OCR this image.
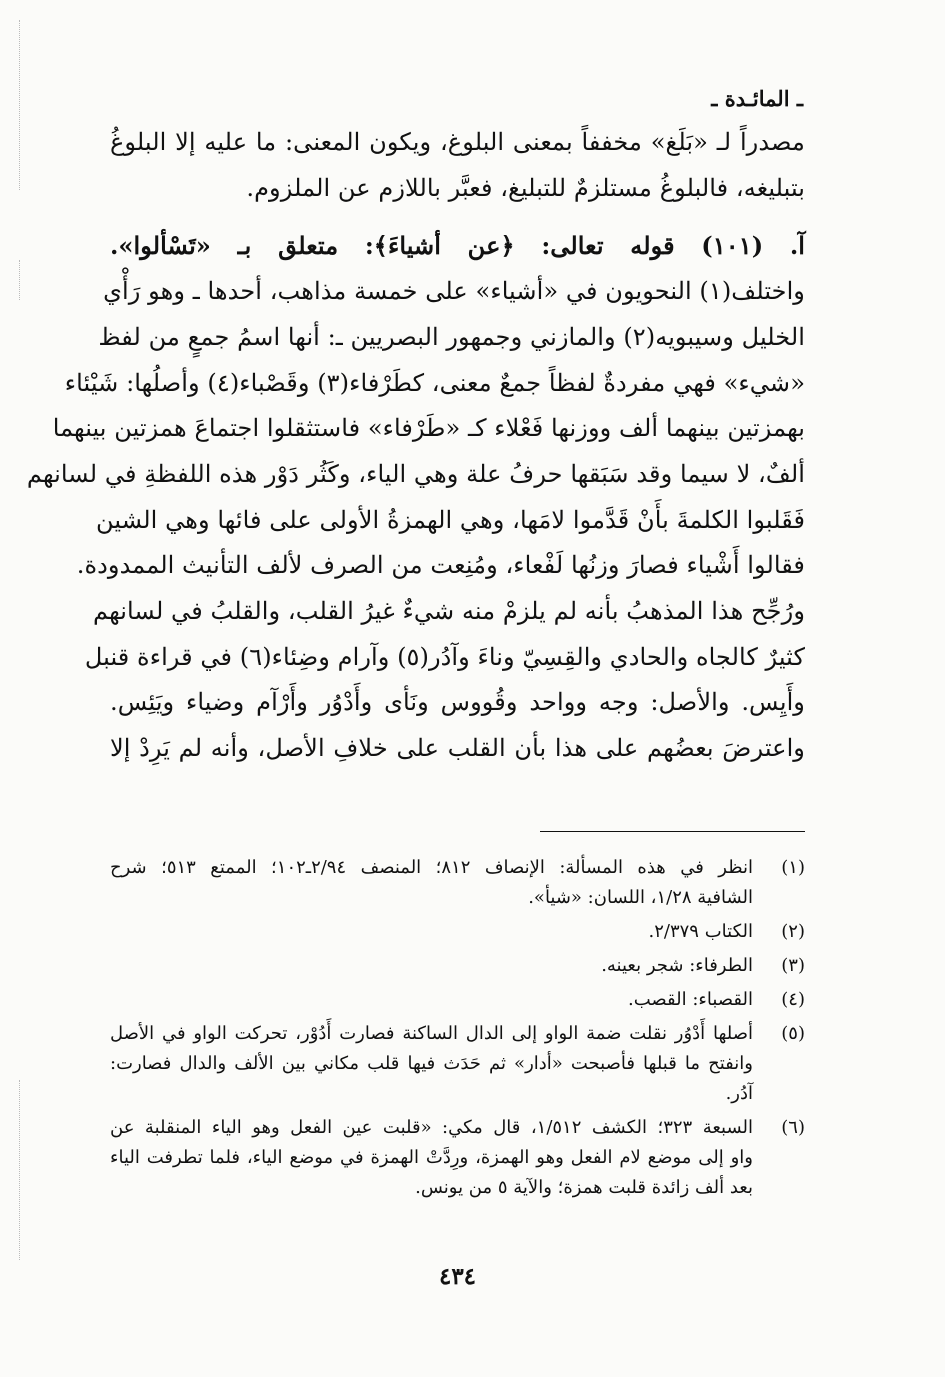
ـ المائـدة ـ

مصدراً لـ «بَلَغ» مخففاً بمعنى البلوغ، ويكون المعنى: ما عليه إلا البلوغُ

بتبليغه، فالبلوغُ مستلزمٌ للتبليغ، فعبَّر باللازم عن الملزوم.

آ. (١٠١) قوله تعالى: ﴿عن أشياءَ﴾: متعلق بـ «تَسْألوا».

واختلف(١) النحويون في «أشياء» على خمسة مذاهب، أحدها ـ وهو رَأْي

الخليل وسيبويه(٢) والمازني وجمهور البصريين ـ: أنها اسمُ جمعٍ من لفظ

«شيء» فهي مفردةٌ لفظاً جمعٌ معنى، كطَرْفاء(٣) وقَصْباء(٤) وأصلُها: شَيْئاء

بهمزتين بينهما ألف ووزنها فَعْلاء كـ «طَرْفاء» فاستثقلوا اجتماعَ همزتين بينهما

ألفٌ، لا سيما وقد سَبَقها حرفُ علة وهي الياء، وكَثُر دَوْر هذه اللفظةِ في لسانهم

فَقَلبوا الكلمةَ بأَنْ قَدَّموا لامَها، وهي الهمزةُ الأولى على فائها وهي الشين

فقالوا أَشْياء فصارَ وزنُها لَفْعاء، ومُنِعت من الصرف لألف التأنيث الممدودة.

ورُجِّح هذا المذهبُ بأنه لم يلزمْ منه شيءٌ غيرُ القلب، والقلبُ في لسانهم

كثيرٌ كالجاه والحادي والقِسِيّ وناءَ وآدُر(٥) وآرام وضِئاء(٦) في قراءة قنبل

وأَيِس. والأصل: وجه وواحد وقُووس ونَأى وأَدْوُر وأَرْآم وضياء ويَئِس.

واعترضَ بعضُهم على هذا بأن القلب على خلافِ الأصل، وأنه لم يَرِدْ إلا

(١)
انظر في هذه المسألة: الإنصاف ٨١٢؛ المنصف ٢/٩٤ـ١٠٢؛ الممتع ٥١٣؛ شرح
الشافية ١/٢٨، اللسان: «شيأ».
(٢)
الكتاب ٢/٣٧٩.
(٣)
الطرفاء: شجر بعينه.
(٤)
القصباء: القصب.
(٥)
أصلها أَدْوُر نقلت ضمة الواو إلى الدال الساكنة فصارت أَدُوْر، تحركت الواو في الأصل
وانفتح ما قبلها فأصبحت «أدار» ثم حَدَث فيها قلب مكاني بين الألف والدال فصارت:
آدُر.
(٦)
السبعة ٣٢٣؛ الكشف ١/٥١٢، قال مكي: «قلبت عين الفعل وهو الياء المنقلبة عن
واو إلى موضع لام الفعل وهو الهمزة، ورِدَّتْ الهمزة في موضع الياء، فلما تطرفت الياء
بعد ألف زائدة قلبت همزة؛ والآية ٥ من يونس.
٤٣٤
